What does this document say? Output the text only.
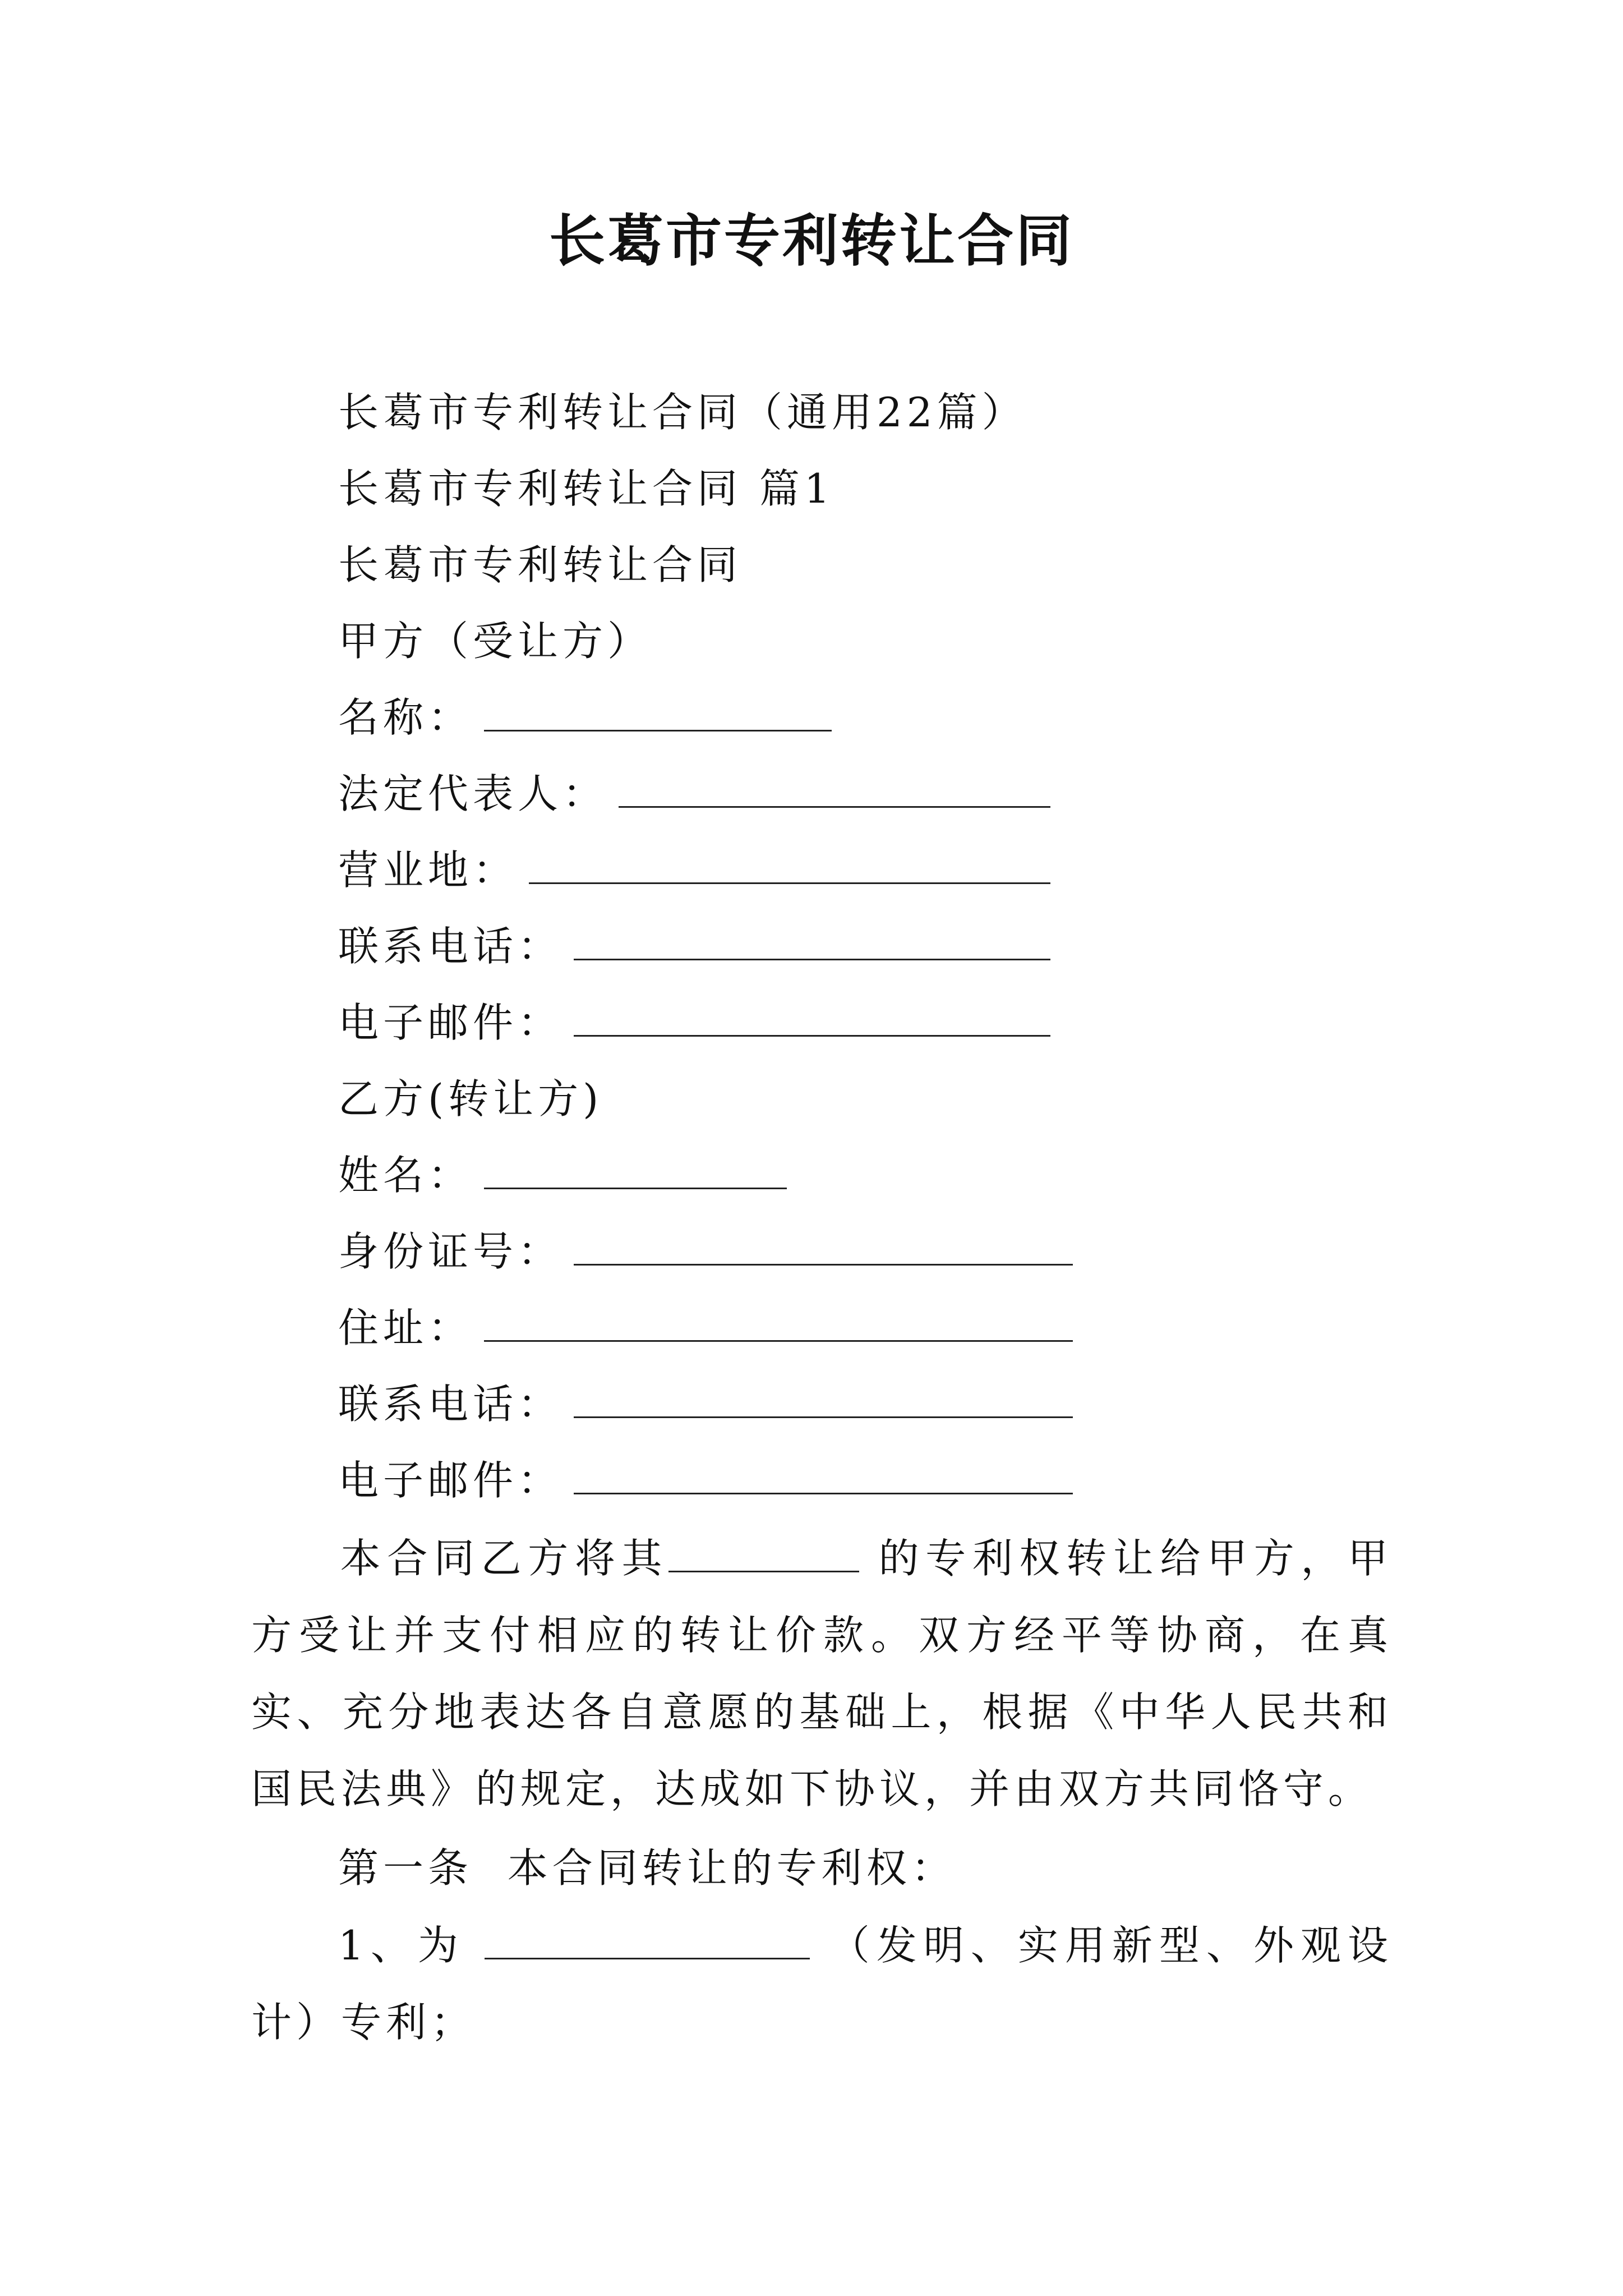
长葛市专利转让合同
长葛市专利转让合同（通用22篇）
长葛市专利转让合同 篇1
长葛市专利转让合同
甲方（受让方）
名称：
法定代表人：
营业地：
联系电话：
电子邮件：
乙方(转让方)
姓名：
身份证号：
住址：
联系电话：
电子邮件：
本合同乙方将其	的专利权转让给甲方，甲方受让并支付相应的转让价款。双方经平等协商，在真实、充分地表达各自意愿的基础上，根据《中华人民共和国民法典》的规定，达成如下协议，并由双方共同恪守。
第一条  本合同转让的专利权：
1、为	（发明、实用新型、外观设计）专利；
